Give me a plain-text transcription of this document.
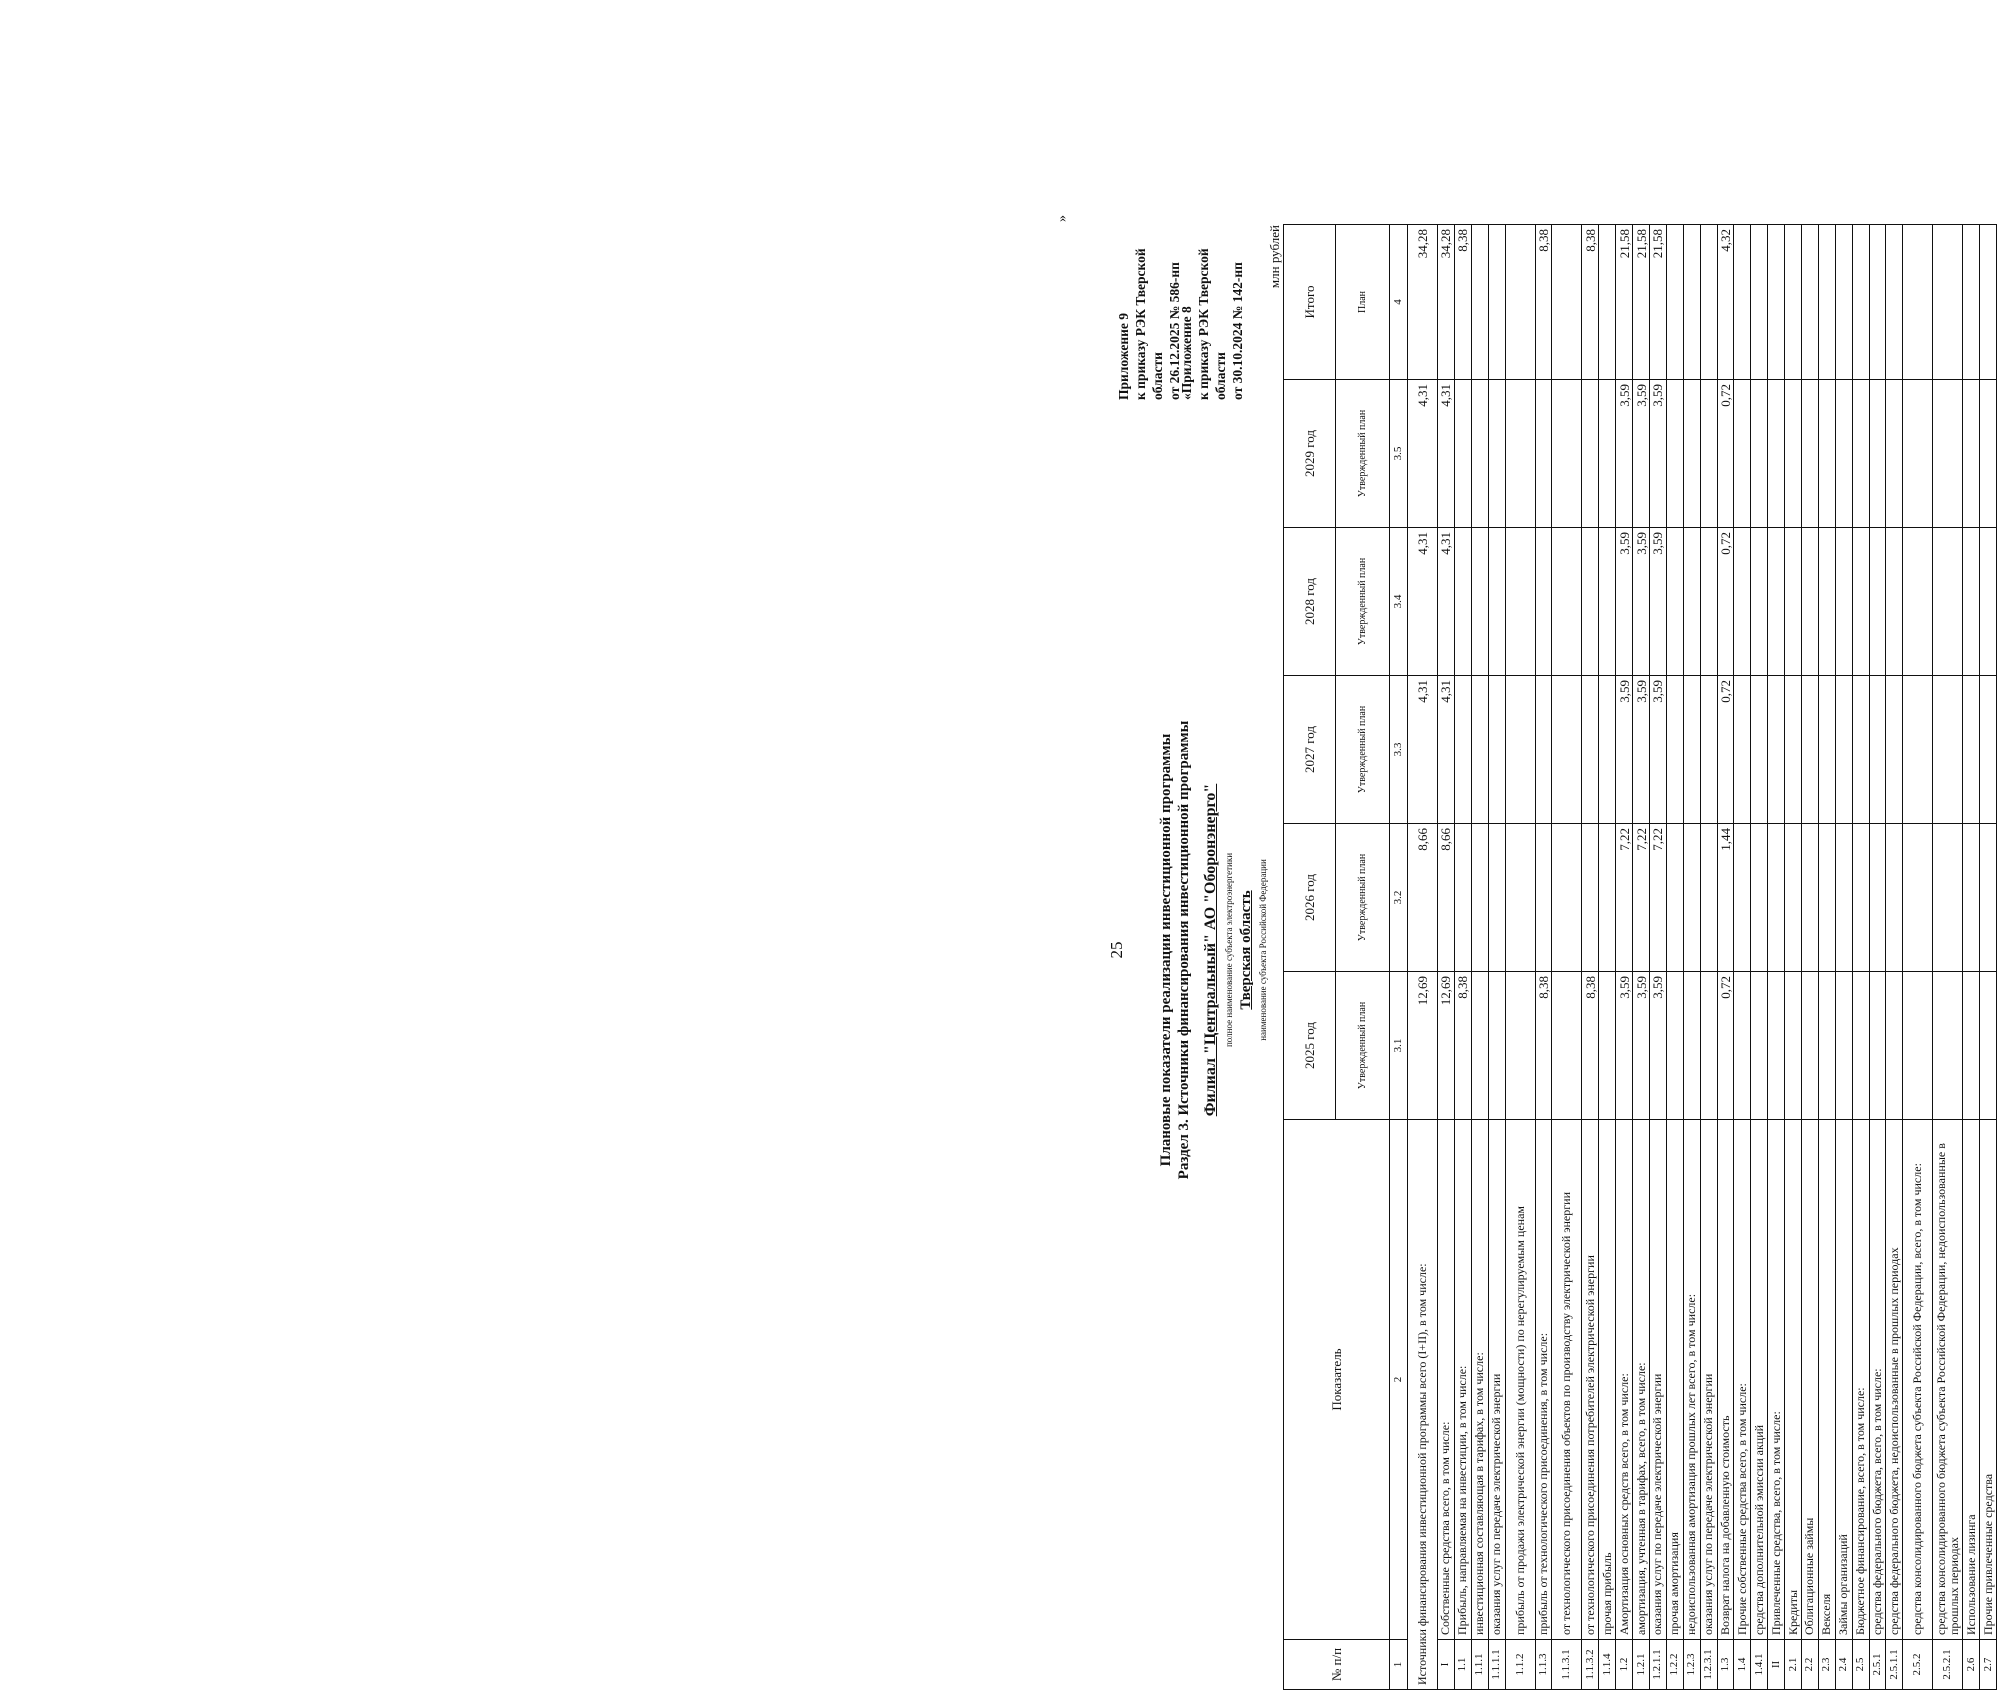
25
Приложение 9 к приказу РЭК Тверской области от 26.12.2025 № 586-нп
«Приложение 8 к приказу РЭК Тверской области от 30.10.2024 № 142-нп
Плановые показатели реализации инвестиционной программы Раздел 3. Источники финансирования инвестиционной программы Филиал "Центральный" АО "Оборонэнерго" полное наименование субъекта электроэнергетики Тверская область наименование субъекта Российской Федерации
млн рублей
№ п/п	Показатель	2025 год	2026 год	2027 год	2028 год	2029 год	Итого
		Утвержденный план	Утвержденный план	Утвержденный план	Утвержденный план	Утвержденный план	План
1	2	3.1	3.2	3.3	3.4	3.5	4
Источники финансирования инвестиционной программы всего (I+II), в том числе:		12,69	8,66	4,31	4,31	4,31	34,28
I	Собственные средства всего, в том числе:	12,69	8,66	4,31	4,31	4,31	34,28
1.1	Прибыль, направляемая на инвестиции, в том числе:	8,38					8,38
1.1.1	инвестиционная составляющая в тарифах, в том числе:						
1.1.1.1	оказания услуг по передаче электрической энергии						
1.1.2	прибыль от продажи электрической энергии (мощности) по нерегулируемым ценам						
1.1.3	прибыль от технологического присоединения, в том числе:	8,38					8,38
1.1.3.1	от технологического присоединения объектов по производству электрической энергии						
1.1.3.2	от технологического присоединения потребителей электрической энергии	8,38					8,38
1.1.4	прочая прибыль						
1.2	Амортизация основных средств всего, в том числе:	3,59	7,22	3,59	3,59	3,59	21,58
1.2.1	амортизация, учтенная в тарифах, всего, в том числе:	3,59	7,22	3,59	3,59	3,59	21,58
1.2.1.1	оказания услуг по передаче электрической энергии	3,59	7,22	3,59	3,59	3,59	21,58
1.2.2	прочая амортизация						
1.2.3	недоиспользованная амортизация прошлых лет всего, в том числе:						
1.2.3.1	оказания услуг по передаче электрической энергии						
1.3	Возврат налога на добавленную стоимость	0,72	1,44	0,72	0,72	0,72	4,32
1.4	Прочие собственные средства всего, в том числе:						
1.4.1	средства дополнительной эмиссии акций						
II	Привлеченные средства, всего, в том числе:						
2.1	Кредиты						
2.2	Облигационные займы						
2.3	Векселя						
2.4	Займы организаций						
2.5	Бюджетное финансирование, всего, в том числе:						
2.5.1	средства федерального бюджета, всего, в том числе:						
2.5.1.1	средства федерального бюджета, недоиспользованные в прошлых периодах						
2.5.2	средства консолидированного бюджета субъекта Российской Федерации, всего, в том числе:						
2.5.2.1	средства консолидированного бюджета субъекта Российской Федерации, недоиспользованные в прошлых периодах						
2.6	Использование лизинга						
2.7	Прочие привлеченные средства						
»
